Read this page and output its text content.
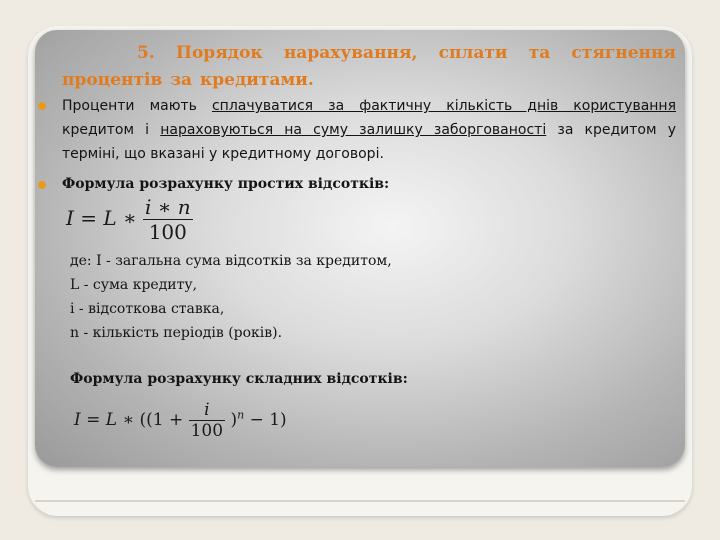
5. Порядок нарахування, сплати та стягнення процентів за кредитами.
Проценти мають сплачуватися за фактичну кількість днів користування кредитом і нараховуються на суму залишку заборгованості за кредитом у терміні, що вказані у кредитному договорі.
Формула розрахунку простих відсотків:
I = L ∗ $\frac{i ∗ n}{100}$
де: І - загальна сума відсотків за кредитом,
L - сума кредиту,
і - відсоткова ставка,
n - кількість періодів (років).
Формула розрахунку складних відсотків:
I = L ∗ $((1 + \frac{i}{100} )^n - 1)$
